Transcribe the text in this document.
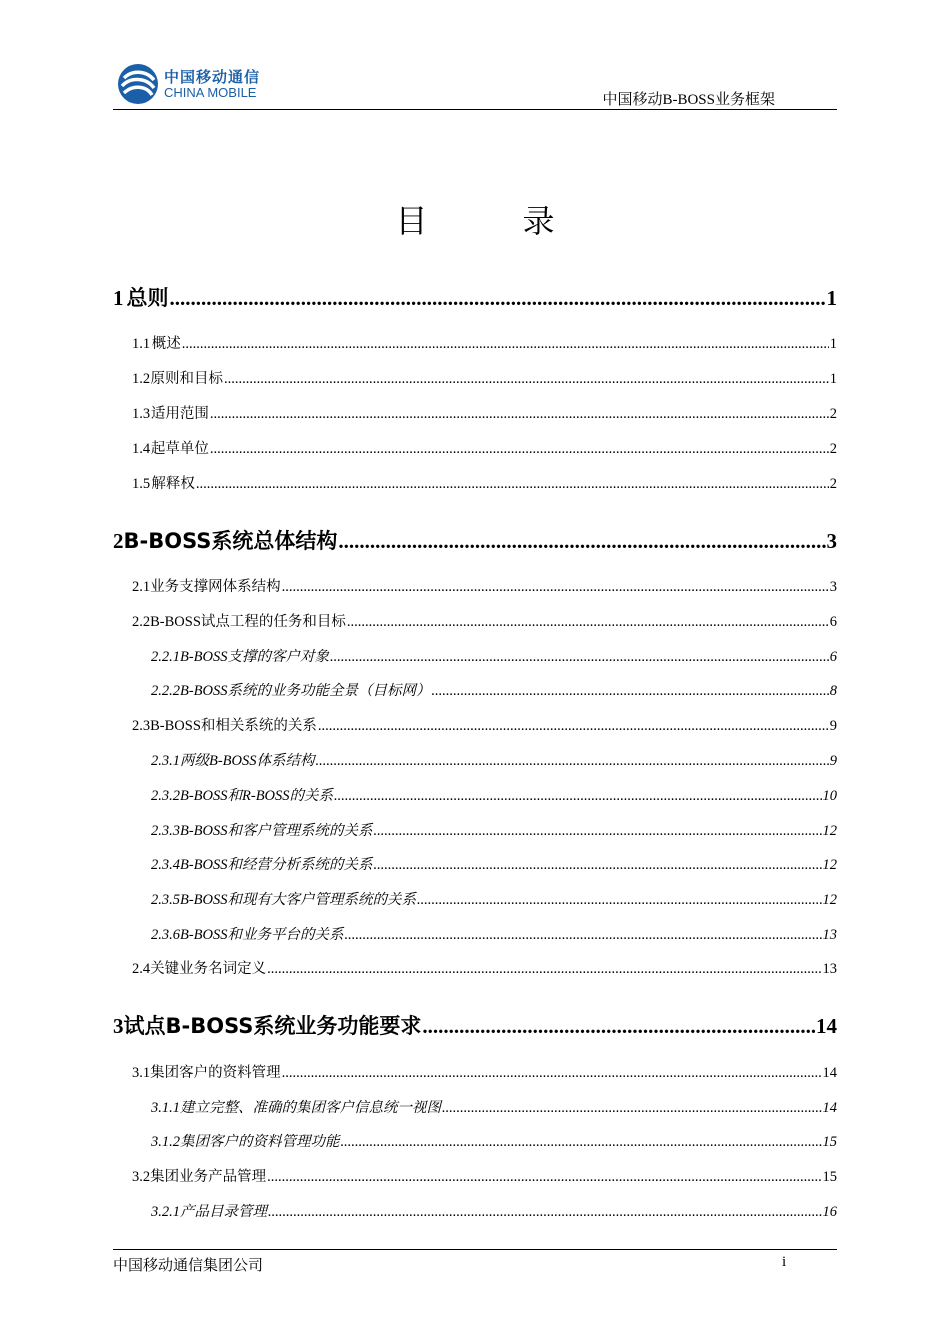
中国移动通信
CHINA MOBILE	中国移动B-BOSS业务框架
目录
1 总则 .....	1
1.1 概述 .....	1
1.2 原则和目标 .....	1
1.3 适用范围 .....	2
1.4 起草单位 .....	2
1.5 解释权 .....	2
2 B-BOSS系统总体结构 .....	3
2.1 业务支撑网体系结构 .....	3
2.2 B-BOSS试点工程的任务和目标 .....	6
2.2.1 B-BOSS支撑的客户对象 .....	6
2.2.2 B-BOSS系统的业务功能全景（目标网） .....	8
2.3 B-BOSS和相关系统的关系 .....	9
2.3.1 两级B-BOSS体系结构 .....	9
2.3.2 B-BOSS和R-BOSS的关系 .....	10
2.3.3 B-BOSS和客户管理系统的关系 .....	12
2.3.4 B-BOSS和经营分析系统的关系 .....	12
2.3.5 B-BOSS和现有大客户管理系统的关系 .....	12
2.3.6 B-BOSS和业务平台的关系 .....	13
2.4 关键业务名词定义 .....	13
3 试点B-BOSS系统业务功能要求 .....	14
3.1 集团客户的资料管理 .....	14
3.1.1 建立完整、准确的集团客户信息统一视图 .....	14
3.1.2 集团客户的资料管理功能 .....	15
3.2 集团业务产品管理 .....	15
3.2.1 产品目录管理 .....	16
中国移动通信集团公司	i
